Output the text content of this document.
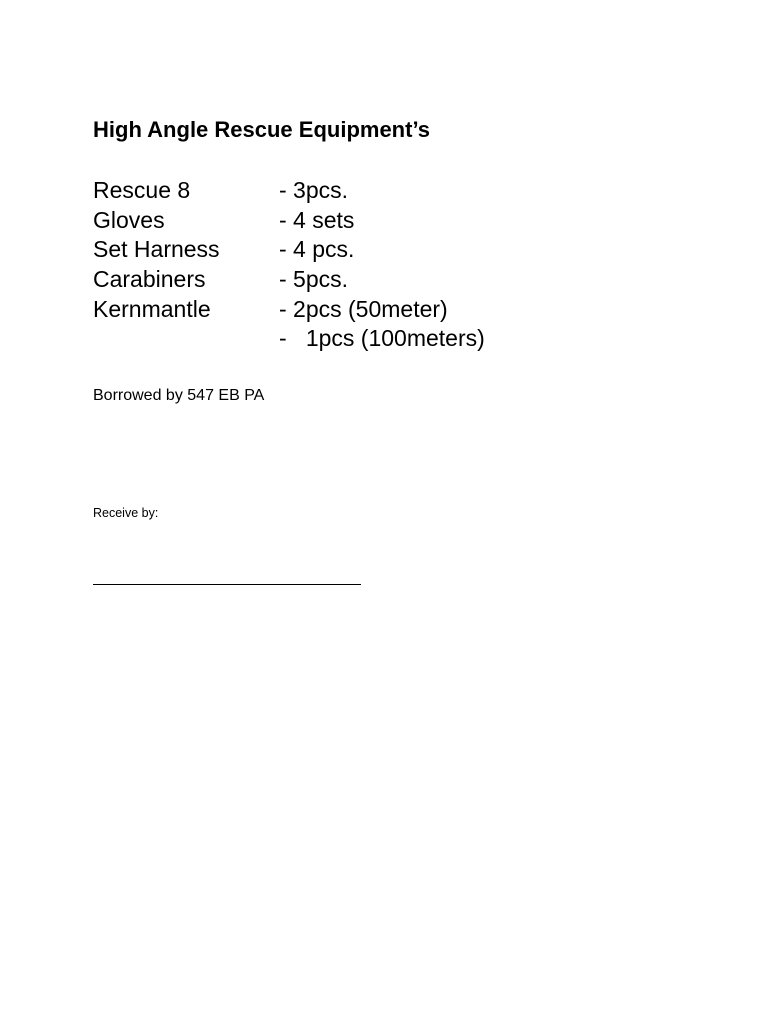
High Angle Rescue Equipment’s
Rescue 8	- 3pcs.
Gloves	- 4 sets
Set Harness	- 4 pcs.
Carabiners	- 5pcs.
Kernmantle	- 2pcs (50meter)
-   1pcs (100meters)
Borrowed by 547 EB PA
Receive by:
